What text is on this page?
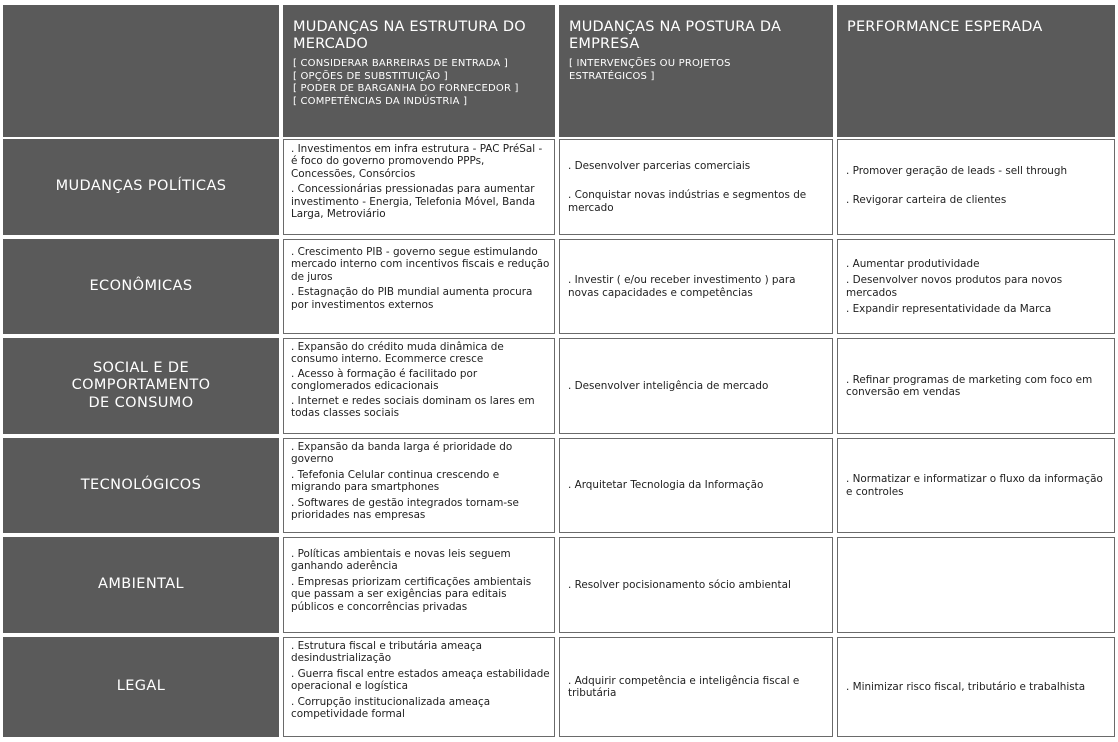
MUDANÇAS NA ESTRUTURA DO MERCADO
[ CONSIDERAR BARREIRAS DE ENTRADA ]
[ OPÇÕES DE SUBSTITUIÇÃO ]
[ PODER DE BARGANHA DO FORNECEDOR ]
[ COMPETÊNCIAS DA INDÚSTRIA ]
MUDANÇAS NA POSTURA DA EMPRESA
[ INTERVENÇÕES OU PROJETOS ESTRATÉGICOS ]
PERFORMANCE ESPERADA
MUDANÇAS POLÍTICAS
. Investimentos em infra estrutura - PAC PréSal - é foco do governo promovendo PPPs, Concessões, Consórcios
. Concessionárias pressionadas para aumentar investimento - Energia, Telefonia Móvel, Banda Larga, Metroviário
. Desenvolver parcerias comerciais
. Conquistar novas indústrias e segmentos de mercado
. Promover geração de leads - sell through
. Revigorar carteira de clientes
ECONÔMICAS
. Crescimento PIB - governo segue estimulando mercado interno com incentivos fiscais e redução de juros
. Estagnação do PIB mundial aumenta procura por investimentos externos
. Investir ( e/ou receber investimento ) para novas capacidades e competências
. Aumentar produtividade
. Desenvolver novos produtos para novos mercados
. Expandir representatividade da Marca
SOCIAL E DE
COMPORTAMENTO
DE CONSUMO
. Expansão do crédito muda dinâmica de consumo interno. Ecommerce cresce
. Acesso à formação é facilitado por conglomerados edicacionais
. Internet e redes sociais dominam os lares em todas classes sociais
. Desenvolver inteligência de mercado
. Refinar programas de marketing com foco em conversão em vendas
TECNOLÓGICOS
. Expansão da banda larga é prioridade do governo
. Tefefonia Celular continua crescendo e migrando para smartphones
. Softwares de gestão integrados tornam-se prioridades nas empresas
. Arquitetar Tecnologia da Informação
. Normatizar e informatizar o fluxo da informação e controles
AMBIENTAL
. Políticas ambientais e novas leis seguem ganhando aderência
. Empresas priorizam certificações ambientais que passam a ser exigências para editais públicos e concorrências privadas
. Resolver pocisionamento sócio ambiental
LEGAL
. Estrutura fiscal e tributária ameaça desindustrialização
. Guerra fiscal entre estados ameaça estabilidade operacional e logística
. Corrupção institucionalizada ameaça competividade formal
. Adquirir competência e inteligência fiscal e tributária
. Minimizar risco fiscal, tributário e trabalhista
